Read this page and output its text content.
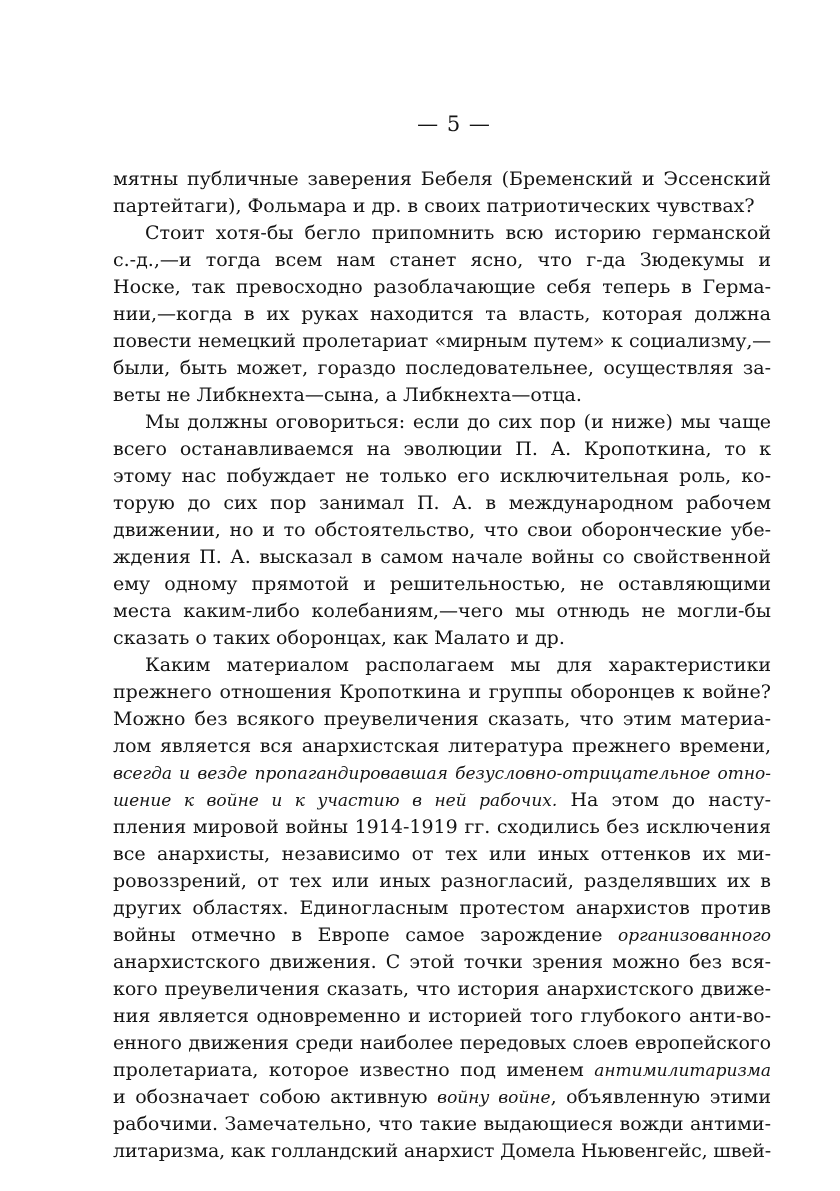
— 5 —
мятны публичные заверения Бебеля (Бременский и Эссенский
партейтаги), Фольмара и др. в своих патриотических чувствах?
Стоит хотя-бы бегло припомнить всю историю германской
с.-д.,—и тогда всем нам станет ясно, что г-да Зюдекумы и
Носке, так превосходно разоблачающие себя теперь в Герма-
нии,—когда в их руках находится та власть, которая должна
повести немецкий пролетариат «мирным путем» к социализму,—
были, быть может, гораздо последовательнее, осуществляя за-
веты не Либкнехта—сына, а Либкнехта—отца.
Мы должны оговориться: если до сих пор (и ниже) мы чаще
всего останавливаемся на эволюции П. А. Кропоткина, то к
этому нас побуждает не только его исключительная роль, ко-
торую до сих пор занимал П. А. в международном рабочем
движении, но и то обстоятельство, что свои оборонческие убе-
ждения П. А. высказал в самом начале войны со свойственной
ему одному прямотой и решительностью, не оставляющими
места каким-либо колебаниям,—чего мы отнюдь не могли-бы
сказать о таких оборонцах, как Малато и др.
Каким материалом располагаем мы для характеристики
прежнего отношения Кропоткина и группы оборонцев к войне?
Можно без всякого преувеличения сказать, что этим материа-
лом является вся анархистская литература прежнего времени,
всегда и везде пропагандировавшая безусловно-отрицательное отно-
шение к войне и к участию в ней рабочих. На этом до насту-
пления мировой войны 1914-1919 гг. сходились без исключения
все анархисты, независимо от тех или иных оттенков их ми-
ровоззрений, от тех или иных разногласий, разделявших их в
других областях. Единогласным протестом анархистов против
войны отмечно в Европе самое зарождение организованного
анархистского движения. С этой точки зрения можно без вся-
кого преувеличения сказать, что история анархистского движе-
ния является одновременно и историей того глубокого анти-во-
енного движения среди наиболее передовых слоев европейского
пролетариата, которое известно под именем антимилитаризма
и обозначает собою активную войну войне, объявленную этими
рабочими. Замечательно, что такие выдающиеся вожди антими-
литаризма, как голландский анархист Домела Ньювенгейс, швей-
